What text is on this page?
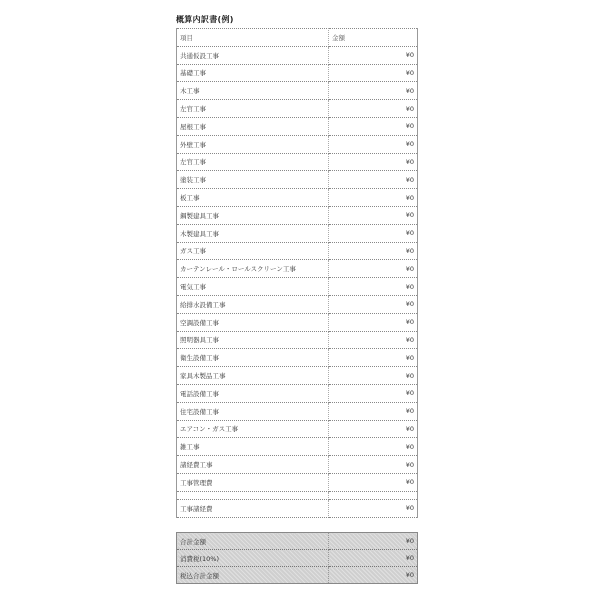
概算内訳書(例)
項目	金額
共通仮設工事	¥0
基礎工事	¥0
木工事	¥0
左官工事	¥0
屋根工事	¥0
外壁工事	¥0
左官工事	¥0
塗装工事	¥0
板工事	¥0
鋼製建具工事	¥0
木製建具工事	¥0
ガス工事	¥0
カーテンレール・ロールスクリーン工事	¥0
電気工事	¥0
給排水設備工事	¥0
空調設備工事	¥0
照明器具工事	¥0
衛生設備工事	¥0
家具木製品工事	¥0
電話設備工事	¥0
住宅設備工事	¥0
エアコン・ガス工事	¥0
雑工事	¥0
諸経費工事	¥0
工事管理費	¥0

工事諸経費	¥0
合計金額	¥0
消費税(10%)	¥0
税込合計金額	¥0
